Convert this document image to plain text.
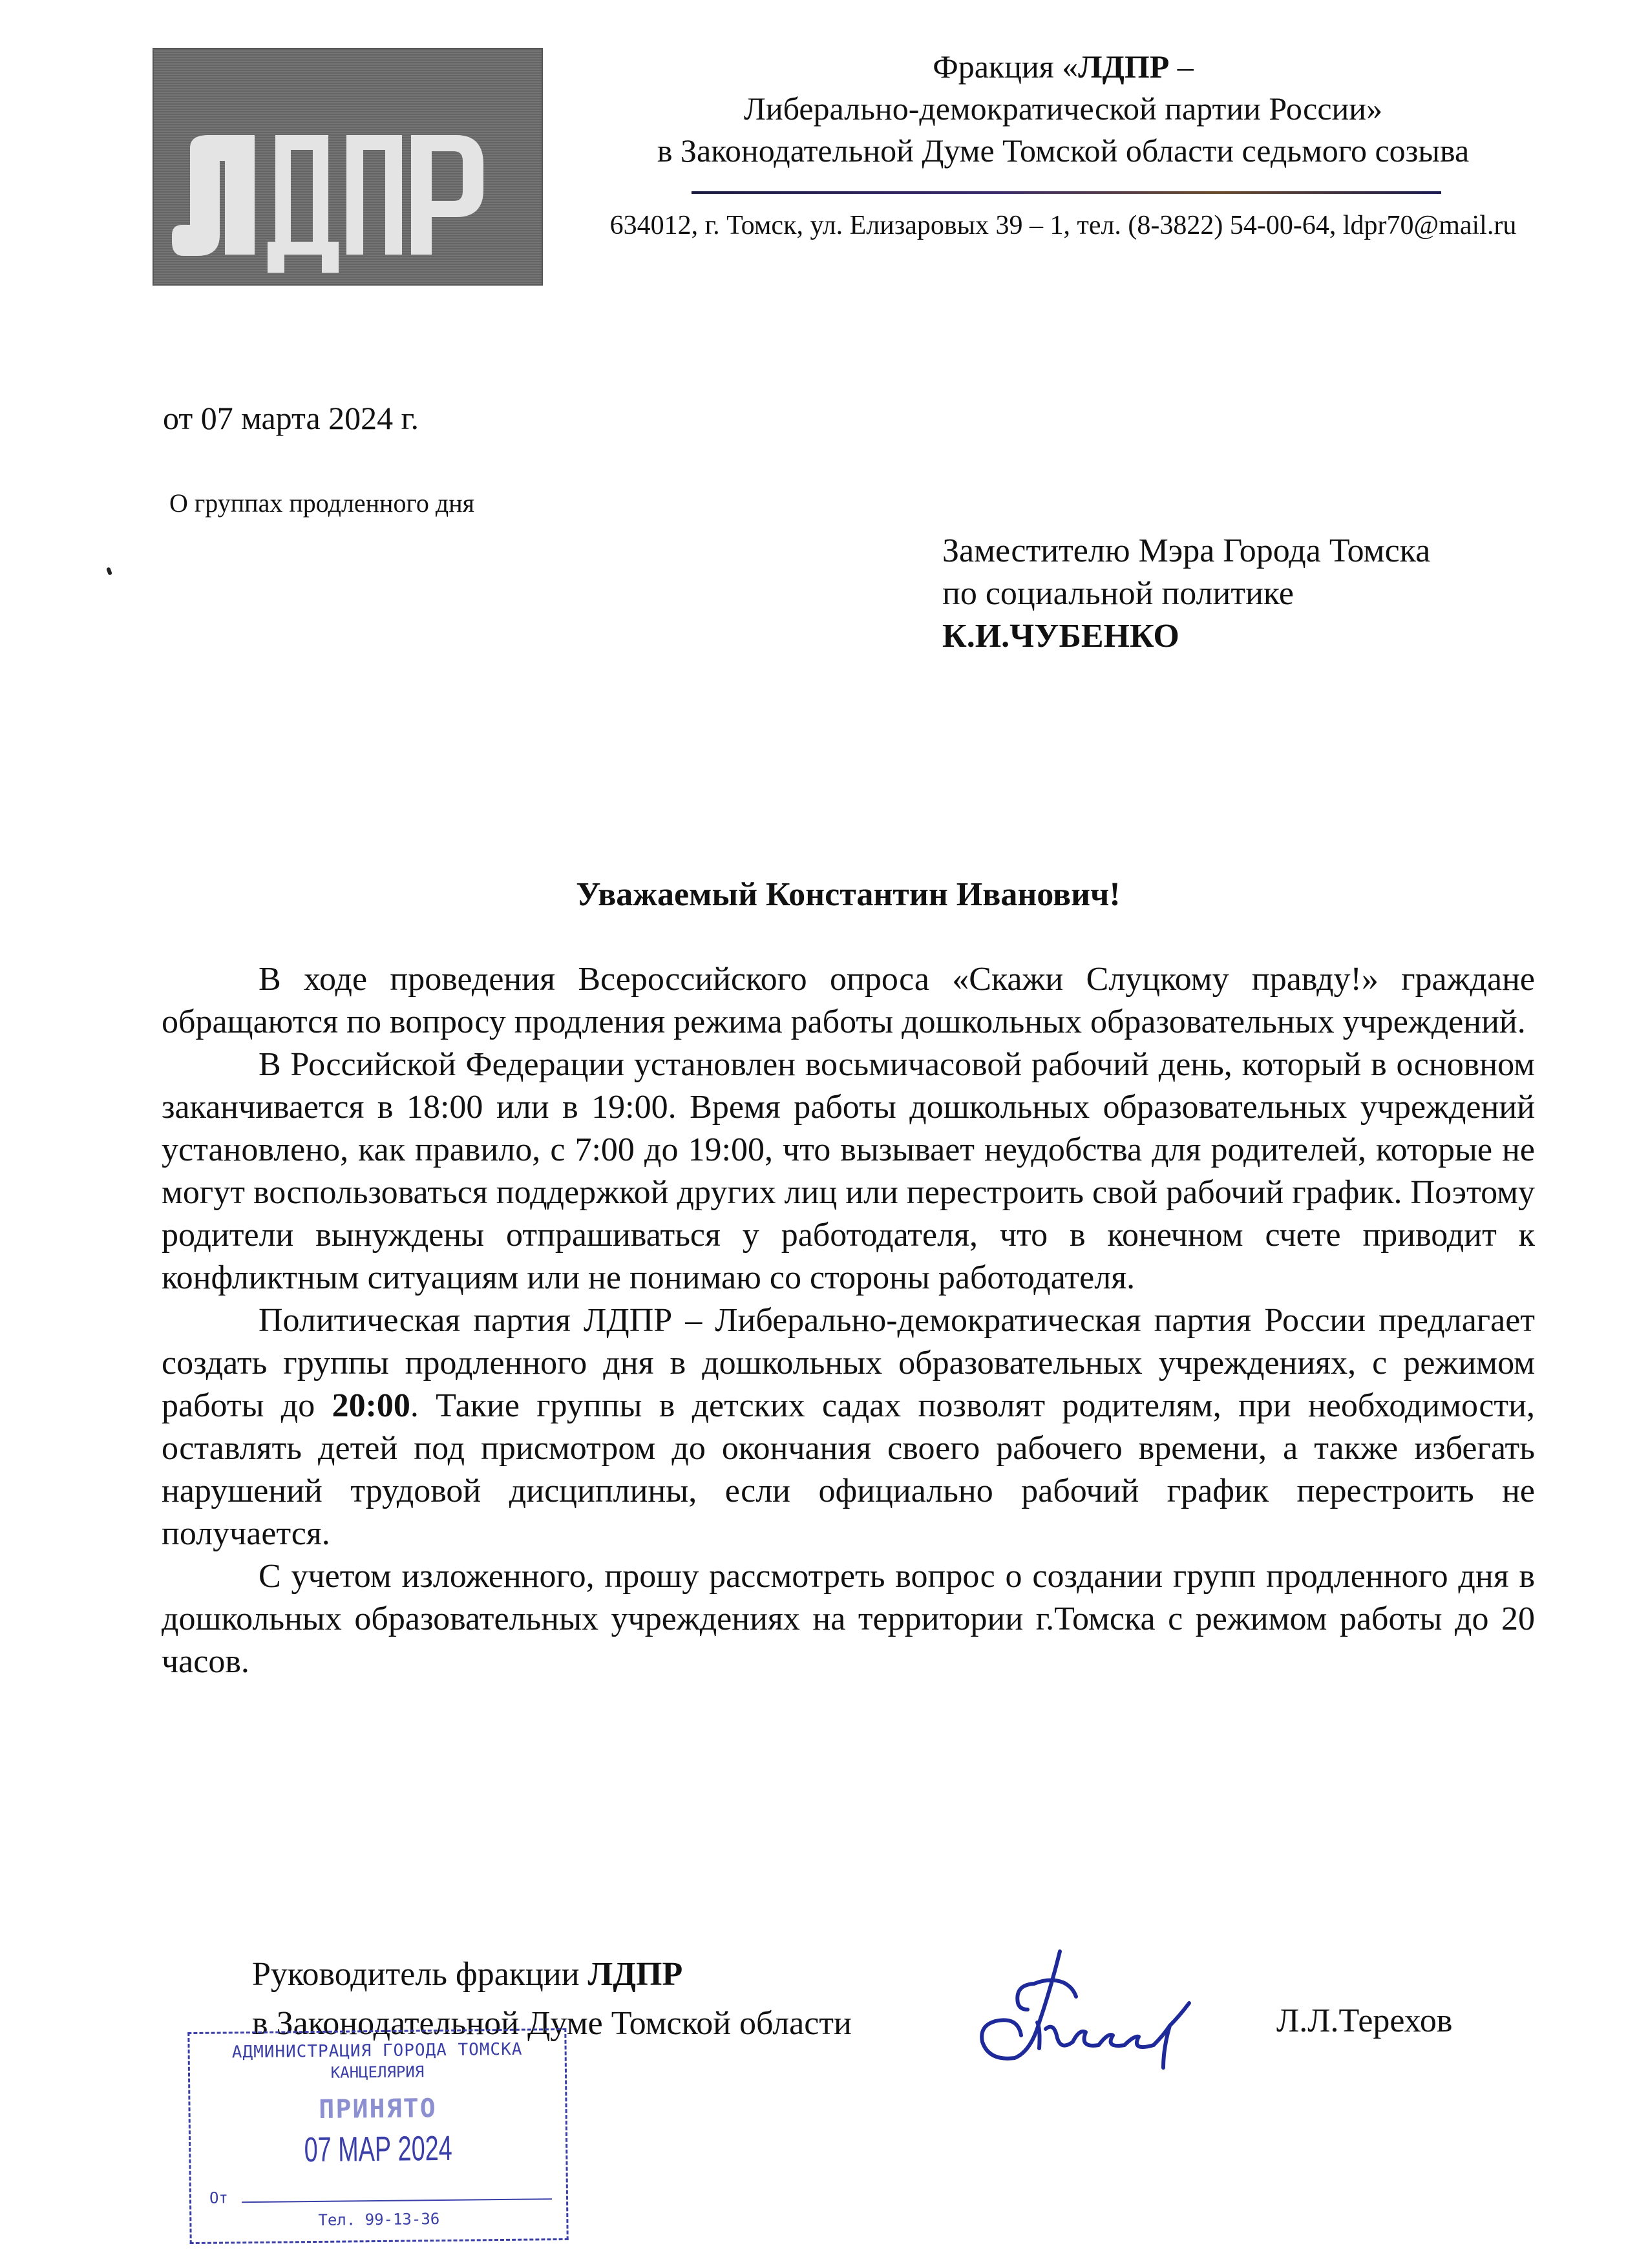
Фракция «ЛДПР –
Либерально-демократической партии России»
в Законодательной Думе Томской области седьмого созыва
634012, г. Томск, ул. Елизаровых 39 – 1, тел. (8-3822) 54-00-64, ldpr70@mail.ru
от 07 марта 2024 г.
О группах продленного дня
Заместителю Мэра Города Томска
по социальной политике
К.И.ЧУБЕНКО
Уважаемый Константин Иванович!

В ходе проведения Всероссийского опроса «Скажи Слуцкому правду!» граждане обращаются по вопросу продления режима работы дошкольных образовательных учреждений.

В Российской Федерации установлен восьмичасовой рабочий день, который в основном заканчивается в 18:00 или в 19:00. Время работы дошкольных образовательных учреждений установлено, как правило, с 7:00 до 19:00, что вызывает неудобства для родителей, которые не могут воспользоваться поддержкой других лиц или перестроить свой рабочий график. Поэтому родители вынуждены отпрашиваться у работодателя, что в конечном счете приводит к конфликтным ситуациям или не понимаю со стороны работодателя.

Политическая партия ЛДПР – Либерально-демократическая партия России предлагает создать группы продленного дня в дошкольных образовательных учреждениях, с режимом работы до 20:00. Такие группы в детских садах позволят родителям, при необходимости, оставлять детей под присмотром до окончания своего рабочего времени, а также избегать нарушений трудовой дисциплины, если официально рабочий график перестроить не получается.

С учетом изложенного, прошу рассмотреть вопрос о создании групп продленного дня в дошкольных образовательных учреждениях на территории г.Томска с режимом работы до 20 часов.

Руководитель фракции ЛДПР
в Законодательной Думе Томской области	Л.Л.Терехов
АДМИНИСТРАЦИЯ ГОРОДА ТОМСКА
КАНЦЕЛЯРИЯ
ПРИНЯТО
07 МАР 2024
От
Тел. 99-13-36
